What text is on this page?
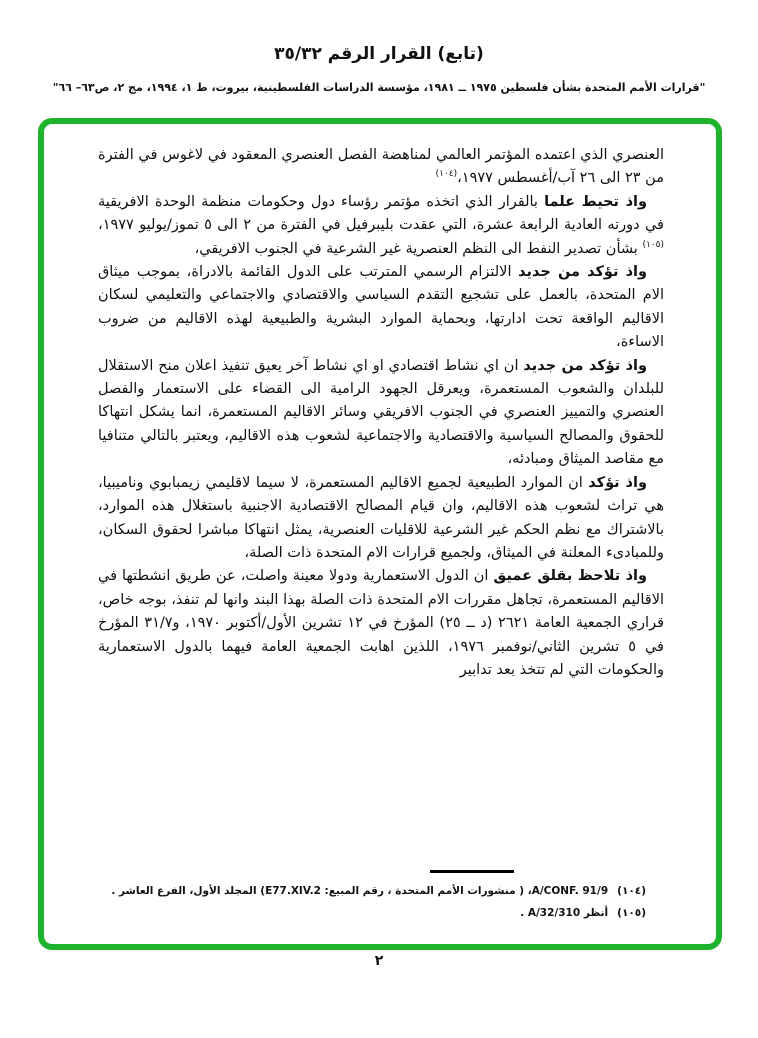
(تابع) القرار الرقم ٣٥/٣٢
"قرارات الأمم المتحدة بشأن فلسطين ١٩٧٥ ــ ١٩٨١، مؤسسة الدراسات الفلسطينية، بيروت، ط ١، ١٩٩٤، مج ٢، ص٦٣– ٦٦"

العنصري الذي اعتمده المؤتمر العالمي لمناهضة الفصل العنصري المعقود في لاغوس في الفترة من ٢٣ الى ٢٦ آب/أغسطس ١٩٧٧،$^{(١٠٤)}$

واذ تحيط علما بالقرار الذي اتخذه مؤتمر رؤساء دول وحكومات منظمة الوحدة الافريقية في دورته العادية الرابعة عشرة، التي عقدت بليبرفيل في الفترة من ٢ الى ٥ تموز/يوليو ١٩٧٧،$^{(١٠٥)}$ بشأن تصدير النفط الى النظم العنصرية غير الشرعية في الجنوب الافريقي،

واذ تؤكد من جديد الالتزام الرسمي المترتب على الدول القائمة بالادراة، بموجب ميثاق الام المتحدة، بالعمل على تشجيع التقدم السياسي والاقتصادي والاجتماعي والتعليمي لسكان الاقاليم الواقعة تحت ادارتها، وبحماية الموارد البشرية والطبيعية لهذه الاقاليم من ضروب الاساءة،

واذ تؤكد من جديد ان اي نشاط اقتصادي او اي نشاط آخر يعيق تنفيذ اعلان منح الاستقلال للبلدان والشعوب المستعمرة، ويعرقل الجهود الرامية الى القضاء على الاستعمار والفصل العنصري والتمييز العنصري في الجنوب الافريقي وسائر الاقاليم المستعمرة، انما يشكل انتهاكا للحقوق والمصالح السياسية والاقتصادية والاجتماعية لشعوب هذه الاقاليم، ويعتبر بالتالي متنافيا مع مقاصد الميثاق ومبادئه،

واذ تؤكد ان الموارد الطبيعية لجميع الاقاليم المستعمرة، لا سيما لاقليمي زيمبابوي وناميبيا، هي تراث لشعوب هذه الاقاليم، وان قيام المصالح الاقتصادية الاجنبية باستغلال هذه الموارد، بالاشتراك مع نظم الحكم غير الشرعية للاقليات العنصرية، يمثل انتهاكا مباشرا لحقوق السكان، وللمبادىء المعلنة في الميثاق، ولجميع قرارات الام المتحدة ذات الصلة،

واذ تلاحظ بقلق عميق ان الدول الاستعمارية ودولا معينة واصلت، عن طريق انشطتها في الاقاليم المستعمرة، تجاهل مقررات الام المتحدة ذات الصلة بهذا البند وانها لم تنفذ، بوجه خاص، قراري الجمعية العامة ٢٦٢١ (د ــ ٢٥) المؤرخ في ١٢ تشرين الأول/أكتوبر ١٩٧٠، و٣١/٧ المؤرخ في ٥ تشرين الثاني/نوفمبر ١٩٧٦، اللذين اهابت الجمعية العامة فيهما بالدول الاستعمارية والحكومات التي لم تتخذ بعد تدابير

(١٠٤)A/CONF. 91/9، ( منشورات الأمم المتحدة ، رقم المبيع: E77.XIV.2) المجلد الأول، الفرع العاشر .
(١٠٥)أنظر A/32/310 .
٢
